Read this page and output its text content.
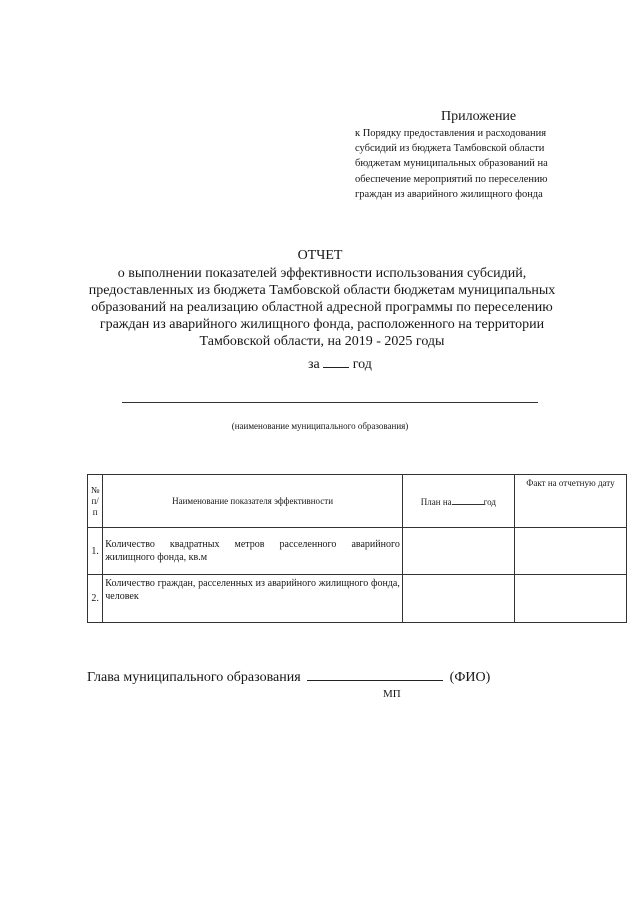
Приложение
к Порядку предоставления и расходования
субсидий из бюджета Тамбовской области
бюджетам муниципальных образований на
обеспечение мероприятий по переселению
граждан из аварийного жилищного фонда
ОТЧЕТ
о выполнении показателей эффективности использования субсидий,
предоставленных из бюджета Тамбовской области бюджетам муниципальных
образований на реализацию областной адресной программы по переселению
граждан из аварийного жилищного фонда, расположенного на территории
Тамбовской области, на 2019 - 2025 годы
за год
(наименование муниципального образования)
№ п/п	Наименование показателя эффективности	План на год	Факт на отчетную дату
1.	Количество квадратных метров расселенного аварийного жилищного фонда, кв.м		
2.	Количество граждан, расселенных из аварийного жилищного фонда, человек		
Глава муниципального образования	(ФИО)
МП
